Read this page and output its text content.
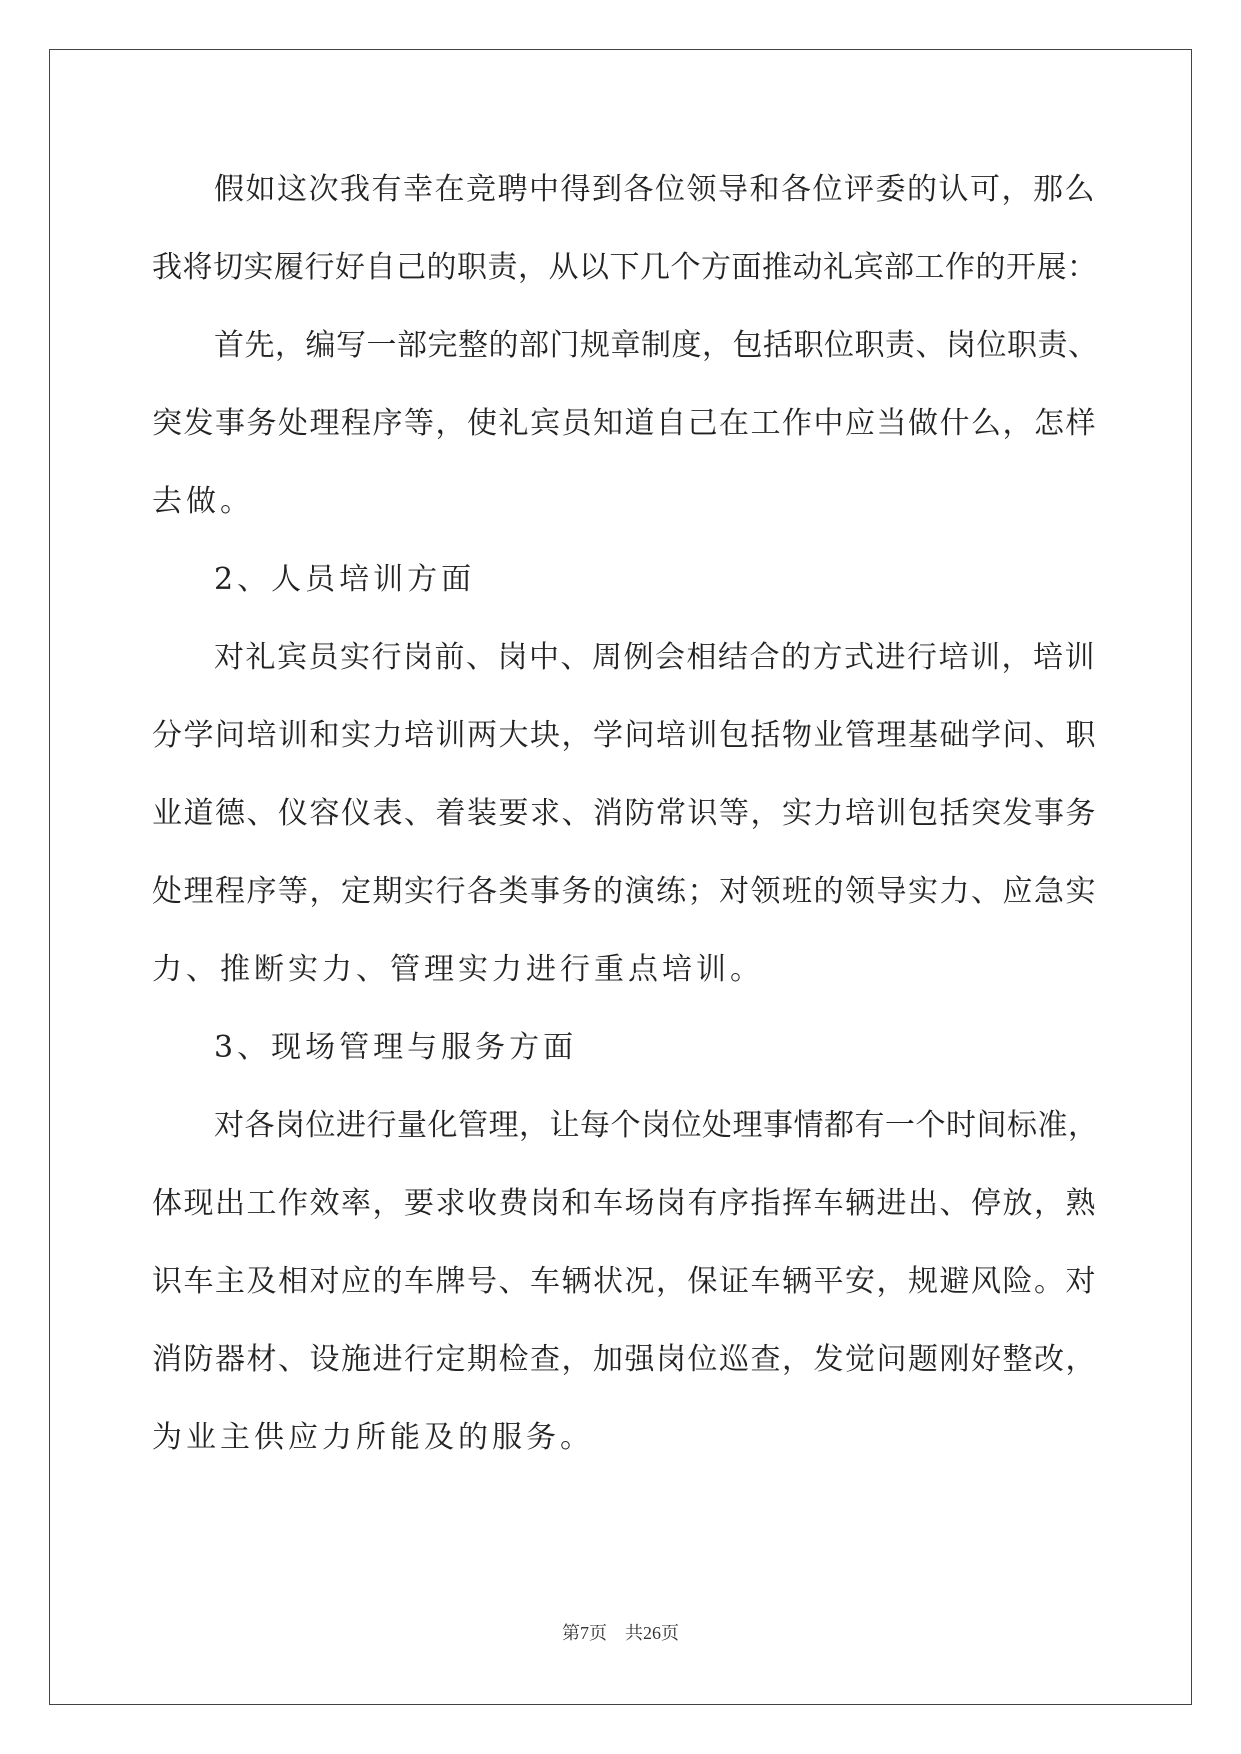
假如这次我有幸在竞聘中得到各位领导和各位评委的认可，那么
我将切实履行好自己的职责，从以下几个方面推动礼宾部工作的开展：
首先，编写一部完整的部门规章制度，包括职位职责、岗位职责、
突发事务处理程序等，使礼宾员知道自己在工作中应当做什么，怎样
去做。
2、人员培训方面
对礼宾员实行岗前、岗中、周例会相结合的方式进行培训，培训
分学问培训和实力培训两大块，学问培训包括物业管理基础学问、职
业道德、仪容仪表、着装要求、消防常识等，实力培训包括突发事务
处理程序等，定期实行各类事务的演练；对领班的领导实力、应急实
力、推断实力、管理实力进行重点培训。
3、现场管理与服务方面
对各岗位进行量化管理，让每个岗位处理事情都有一个时间标准，
体现出工作效率，要求收费岗和车场岗有序指挥车辆进出、停放，熟
识车主及相对应的车牌号、车辆状况，保证车辆平安，规避风险。对
消防器材、设施进行定期检查，加强岗位巡查，发觉问题刚好整改，
为业主供应力所能及的服务。
第7页　共26页
